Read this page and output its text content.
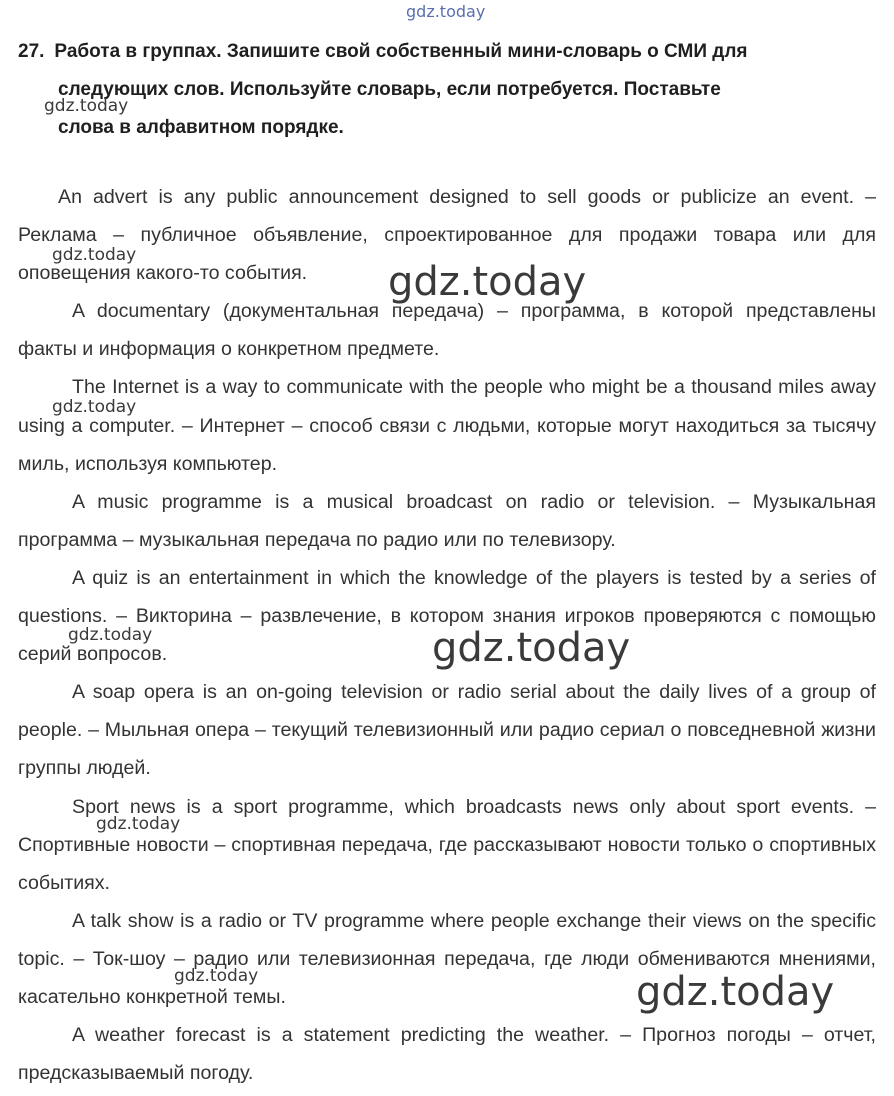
gdz.today
27. Работа в группах. Запишите свой собственный мини-словарь о СМИ для
следующих слов. Используйте словарь, если потребуется. Поставьте
слова в алфавитном порядке.

An advert is any public announcement designed to sell goods or publicize an event. – Реклама – публичное объявление, спроектированное для продажи товара или для оповещения какого-то события.

A documentary (документальная передача) – программа, в которой представлены факты и информация о конкретном предмете.

The Internet is a way to communicate with the people who might be a thousand miles away using a computer. – Интернет – способ связи с людьми, которые могут находиться за тысячу миль, используя компьютер.

A music programme is a musical broadcast on radio or television. – Музыкальная программа – музыкальная передача по радио или по телевизору.

A quiz is an entertainment in which the knowledge of the players is tested by a series of questions. – Викторина – развлечение, в котором знания игроков проверяются с помощью серий вопросов.

A soap opera is an on-going television or radio serial about the daily lives of a group of people. – Мыльная опера – текущий телевизионный или радио сериал о повседневной жизни группы людей.

Sport news is a sport programme, which broadcasts news only about sport events. – Спортивные новости – спортивная передача, где рассказывают новости только о спортивных событиях.

A talk show is a radio or TV programme where people exchange their views on the specific topic. – Ток-шоу – радио или телевизионная передача, где люди обмениваются мнениями, касательно конкретной темы.

A weather forecast is a statement predicting the weather. – Прогноз погоды – отчет, предсказываемый погоду.

gdz.today
gdz.today
gdz.today
gdz.today
gdz.today
gdz.today
gdz.today
gdz.today
gdz.today
